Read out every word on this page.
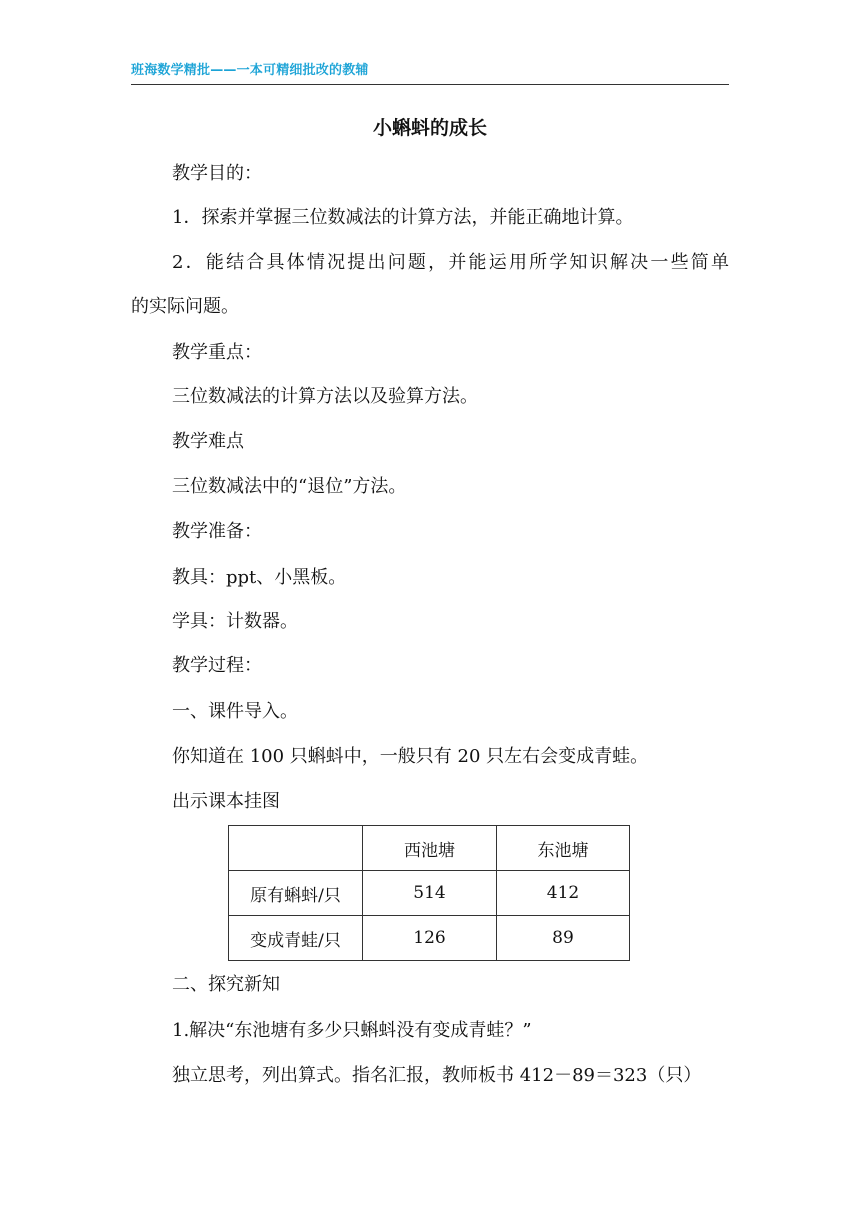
班海数学精批——一本可精细批改的教辅
小蝌蚪的成长
教学目的：
1．探索并掌握三位数减法的计算方法，并能正确地计算。
2．能结合具体情况提出问题，并能运用所学知识解决一些简单
的实际问题。
教学重点：
三位数减法的计算方法以及验算方法。
教学难点
三位数减法中的“退位”方法。
教学准备：
教具：ppt、小黑板。
学具：计数器。
教学过程：
一、课件导入。
你知道在 100 只蝌蚪中，一般只有 20 只左右会变成青蛙。
出示课本挂图
	西池塘	东池塘
原有蝌蚪/只	514	412
变成青蛙/只	126	89
二、探究新知
1.解决“东池塘有多少只蝌蚪没有变成青蛙？”
独立思考，列出算式。指名汇报，教师板书 412－89＝323（只）
